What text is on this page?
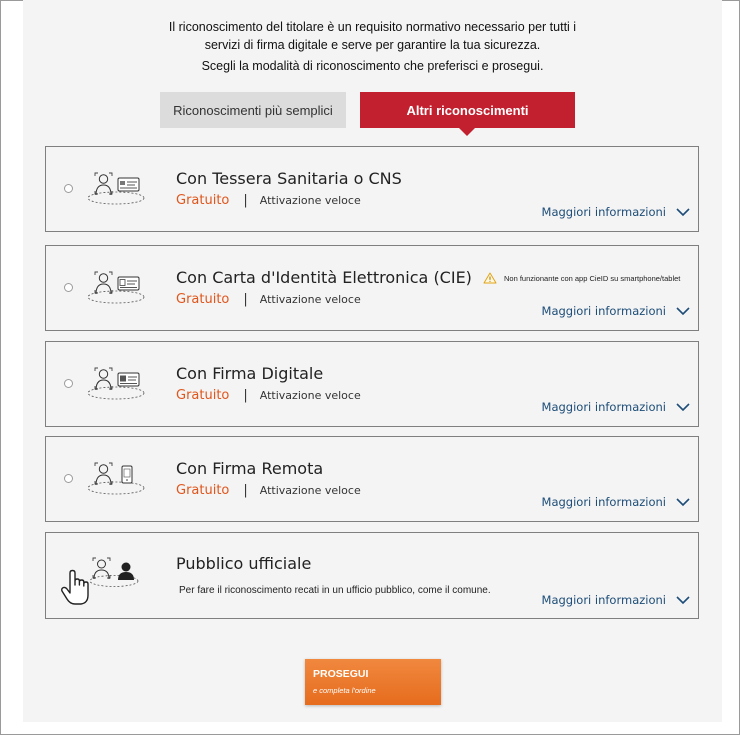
Il riconoscimento del titolare è un requisito normativo necessario per tutti i
servizi di firma digitale e serve per garantire la tua sicurezza.
Scegli la modalità di riconoscimento che preferisci e prosegui.
Riconoscimenti più semplici	Altri riconoscimenti
Con Tessera Sanitaria o CNS
Gratuito | Attivazione veloce
Maggiori informazioni
Con Carta d'Identità Elettronica (CIE)
Gratuito | Attivazione veloce
Non funzionante con app CieID su smartphone/tablet
Maggiori informazioni
Con Firma Digitale
Gratuito | Attivazione veloce
Maggiori informazioni
Con Firma Remota
Gratuito | Attivazione veloce
Maggiori informazioni
Pubblico ufficiale
Per fare il riconoscimento recati in un ufficio pubblico, come il comune.
Maggiori informazioni
PROSEGUI
e completa l'ordine
